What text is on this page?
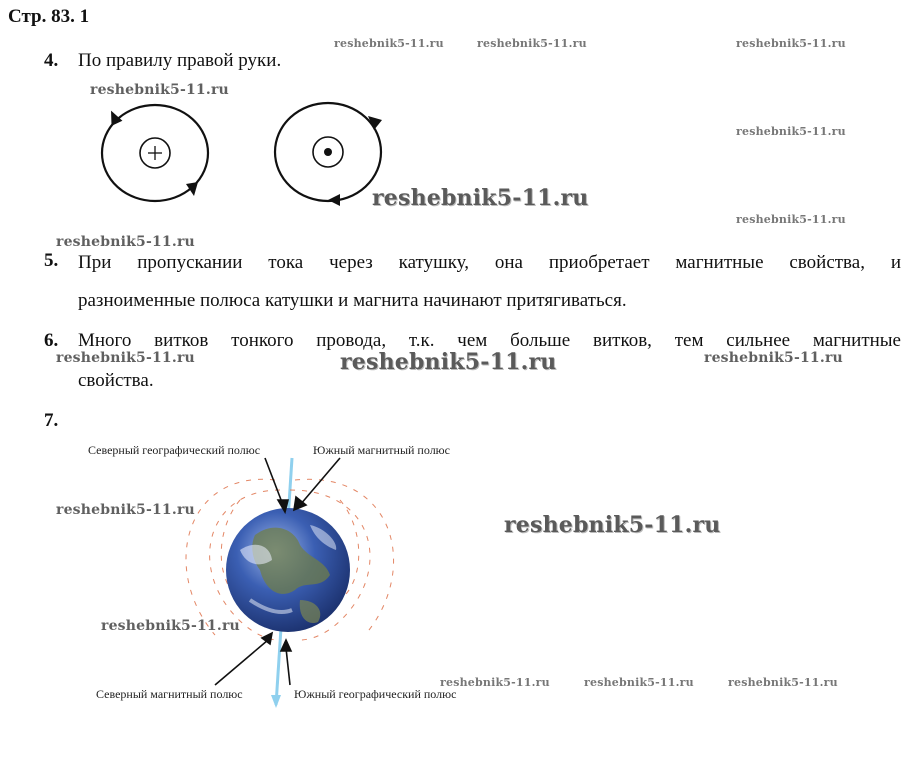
Стр. 83. 1
4. По правилу правой руки.
5. При пропускании тока через катушку, она приобретает магнитные свойства, и
разноименные полюса катушки и магнита начинают притягиваться.
6. Много витков тонкого провода, т.к. чем больше витков, тем сильнее магнитные
свойства.
7.
Северный географический полюс	Южный магнитный полюс
Северный магнитный полюс	Южный географический полюс
reshebnik5-11.ru	reshebnik5-11.ru	reshebnik5-11.ru
reshebnik5-11.ru
reshebnik5-11.ru
reshebnik5-11.ru
reshebnik5-11.ru
reshebnik5-11.ru
reshebnik5-11.ru	reshebnik5-11.ru	reshebnik5-11.ru
reshebnik5-11.ru
reshebnik5-11.ru
reshebnik5-11.ru
reshebnik5-11.ru	reshebnik5-11.ru	reshebnik5-11.ru
